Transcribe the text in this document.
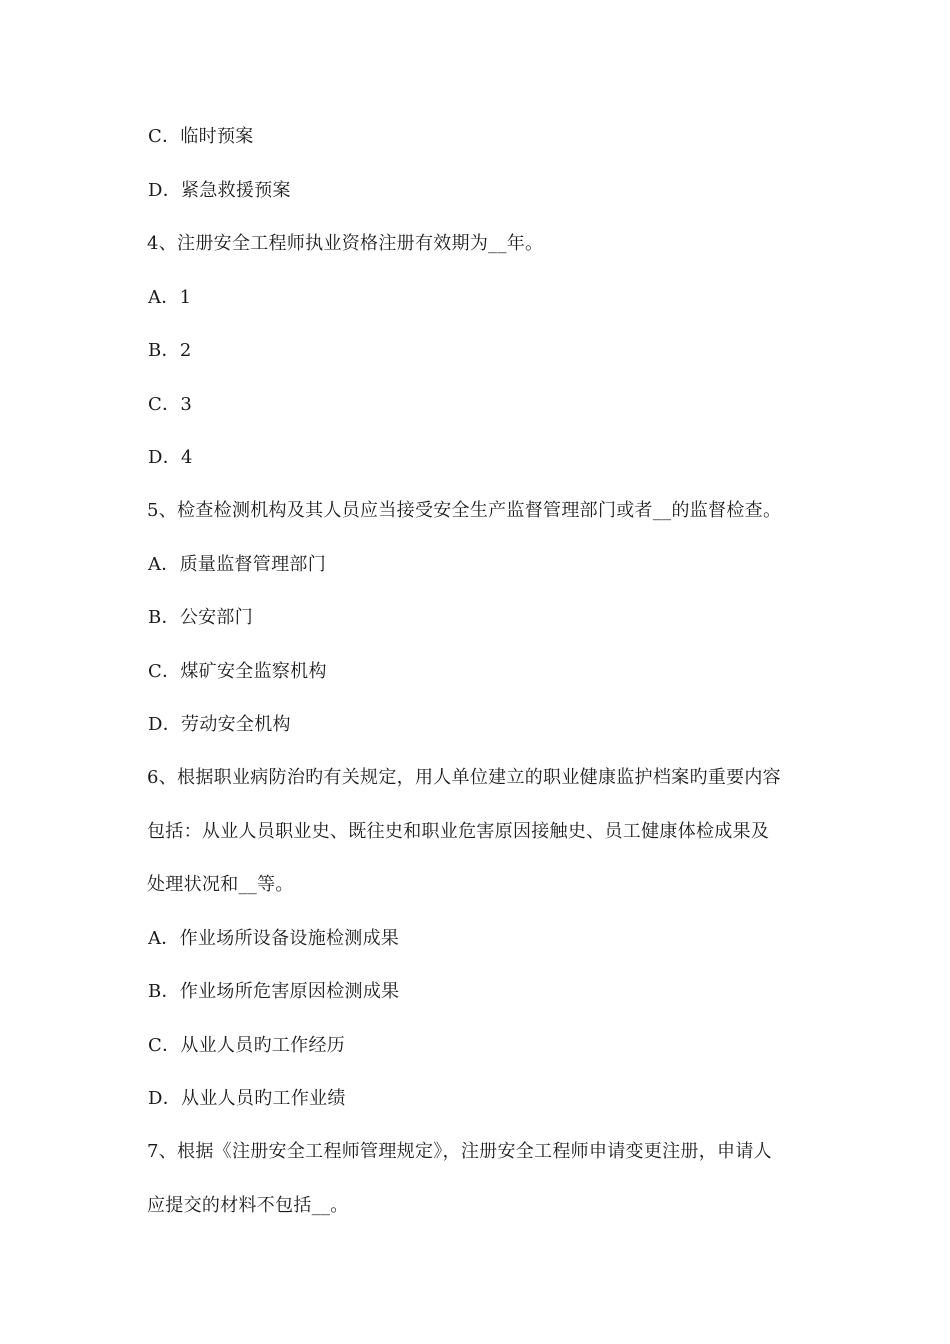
C．临时预案
D．紧急救援预案
4、注册安全工程师执业资格注册有效期为__年。
A．1
B．2
C．3
D．4
5、检查检测机构及其人员应当接受安全生产监督管理部门或者__的监督检查。
A．质量监督管理部门
B．公安部门
C．煤矿安全监察机构
D．劳动安全机构
6、根据职业病防治旳有关规定，用人单位建立的职业健康监护档案旳重要内容
包括：从业人员职业史、既往史和职业危害原因接触史、员工健康体检成果及
处理状况和__等。
A．作业场所设备设施检测成果
B．作业场所危害原因检测成果
C．从业人员旳工作经历
D．从业人员旳工作业绩
7、根据《注册安全工程师管理规定》，注册安全工程师申请变更注册，申请人
应提交的材料不包括__。
